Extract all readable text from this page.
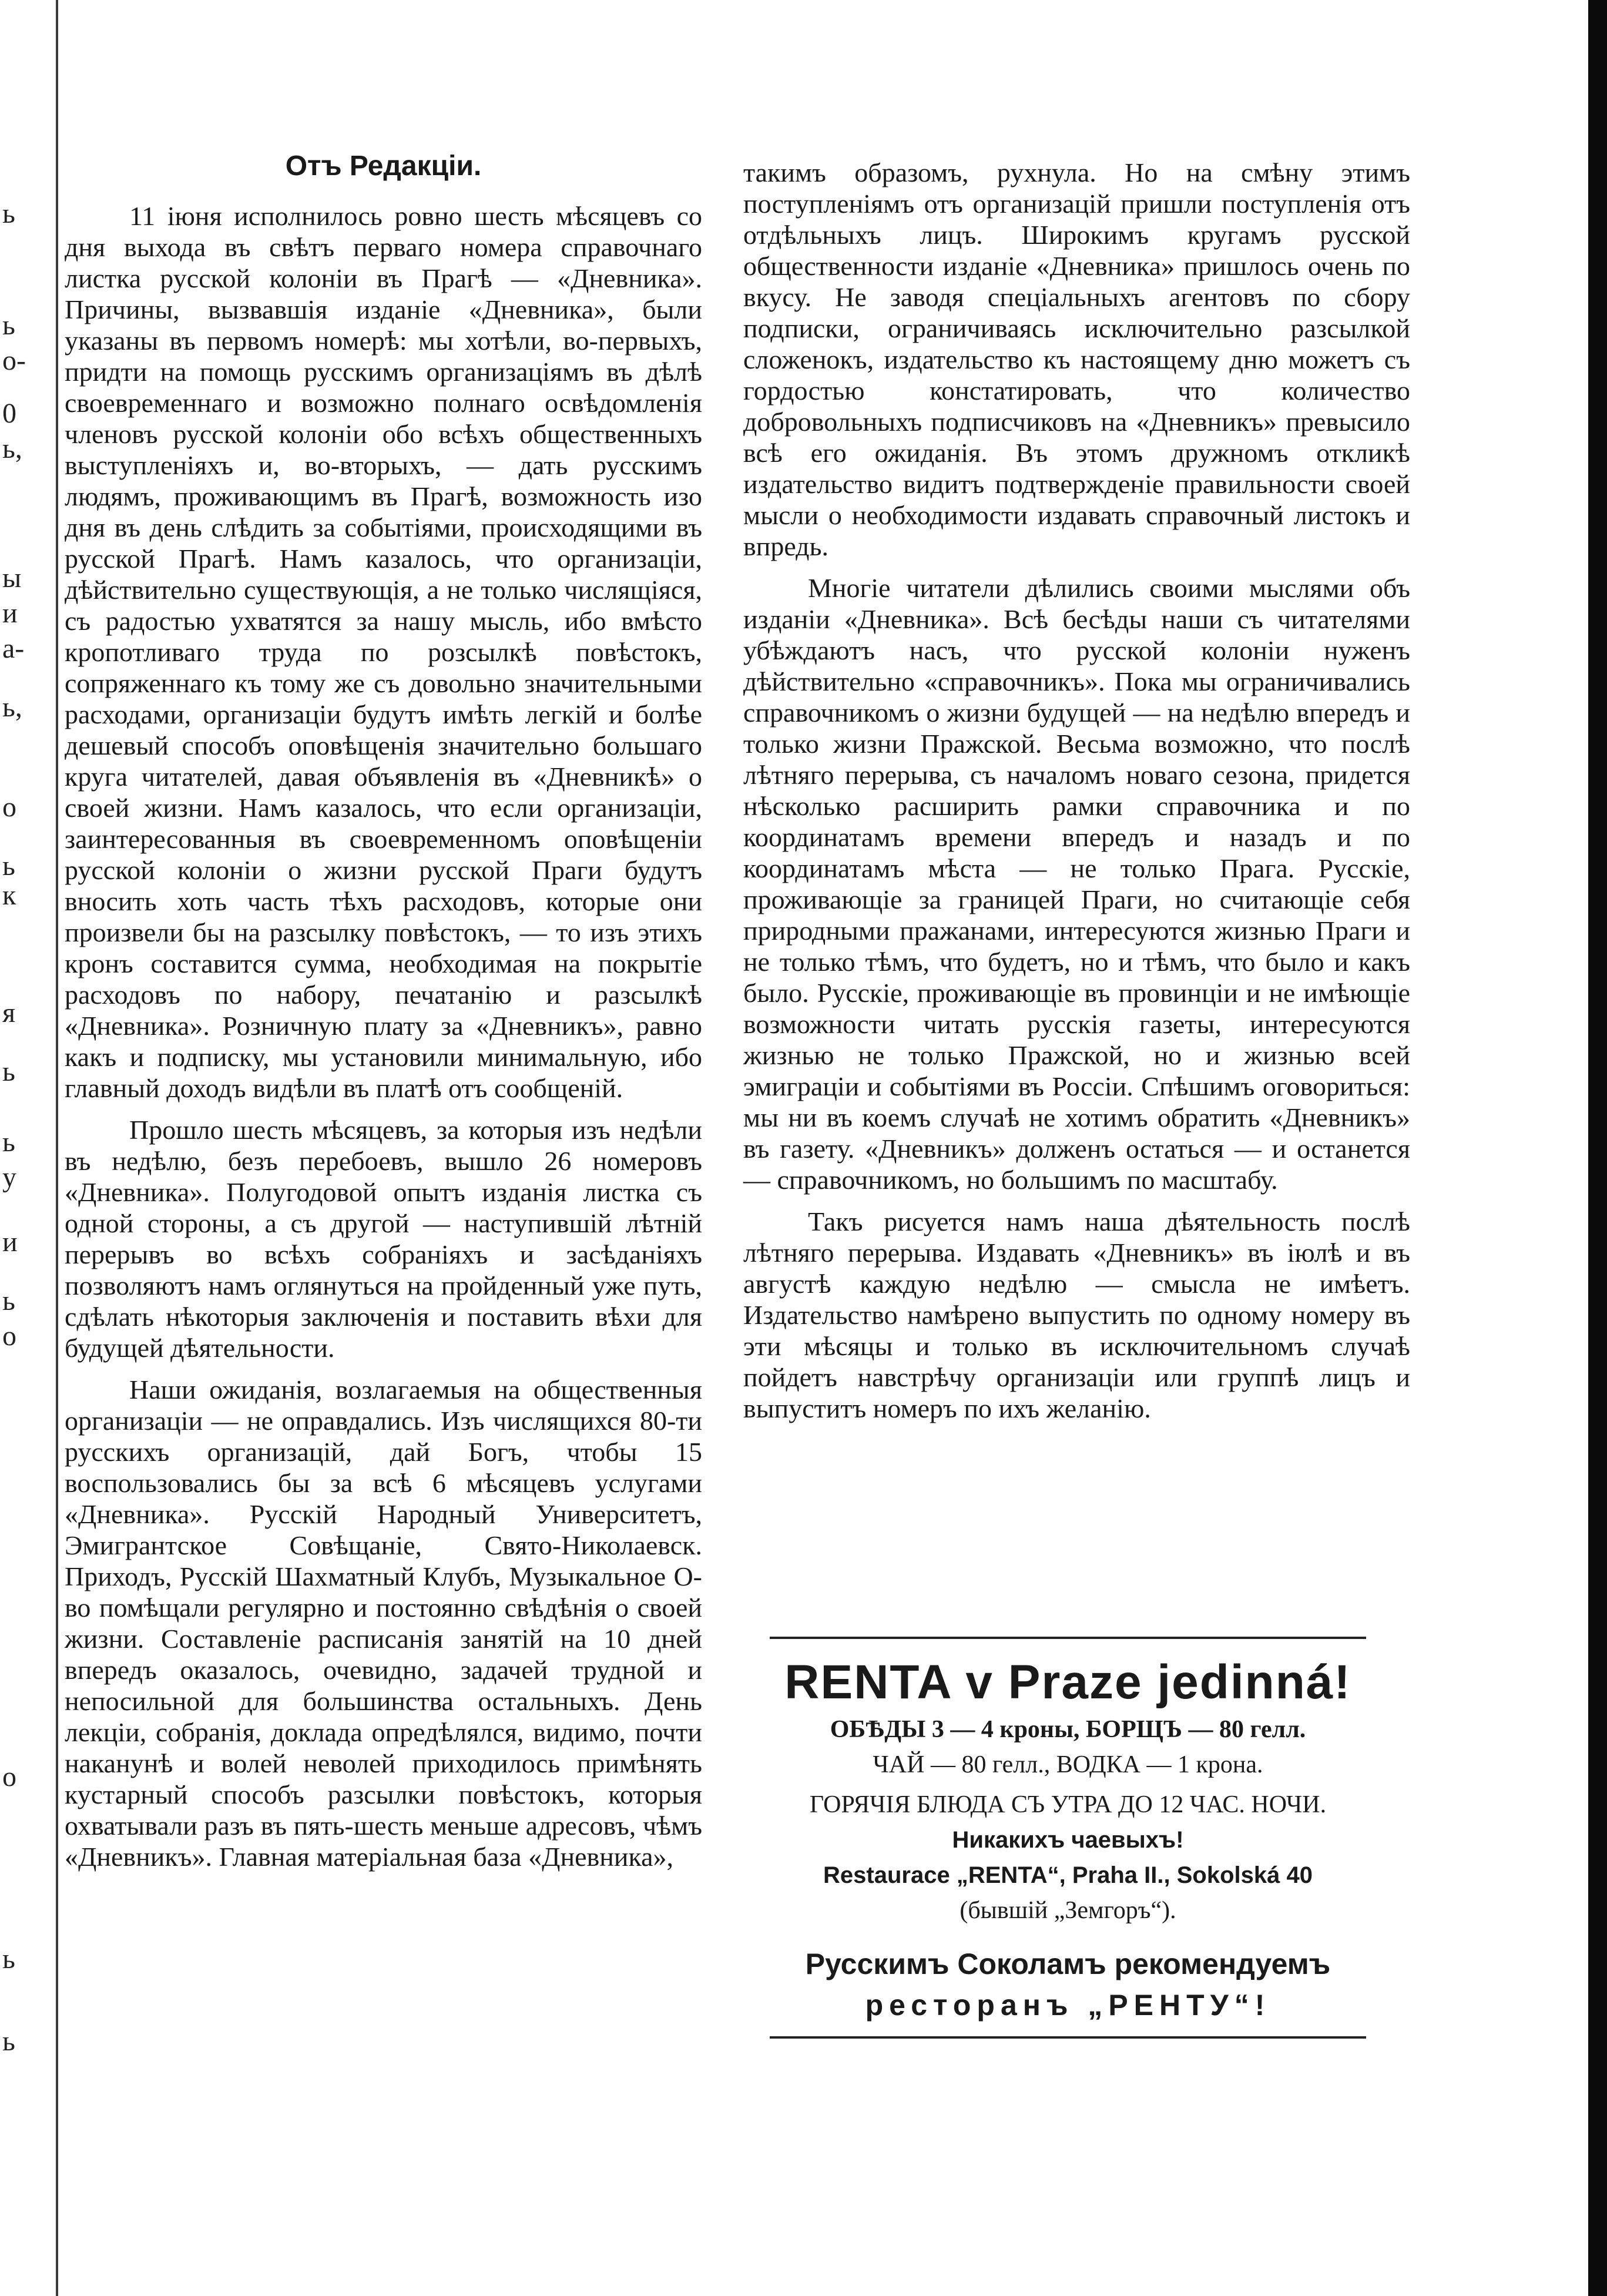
ь
ь
о-
0
ь,
ы
и
а-
ь,
о
ь
к
я
ь
ь
у
и
ь
о
о
ь
ь
Отъ Редакціи.

11 іюня исполнилось ровно шесть мѣсяцевъ со дня выхода въ свѣтъ перваго номера справочнаго листка русской колоніи въ Прагѣ — «Дневника». Причины, вызвавшія изданіе «Дневника», были указаны въ первомъ номерѣ: мы хотѣли, во-первыхъ, придти на помощь русскимъ организаціямъ въ дѣлѣ своевременнаго и возможно полнаго освѣдомленія членовъ русской колоніи обо всѣхъ общественныхъ выступленіяхъ и, во-вторыхъ, — дать русскимъ людямъ, проживающимъ въ Прагѣ, возможность изо дня въ день слѣдить за событіями, происходящими въ русской Прагѣ. Намъ казалось, что организаціи, дѣйствительно существующія, а не только числящіяся, съ радостью ухватятся за нашу мысль, ибо вмѣсто кропотливаго труда по розсылкѣ повѣстокъ, сопряженнаго къ тому же съ довольно значительными расходами, организаціи будутъ имѣть легкій и болѣе дешевый способъ оповѣщенія значительно большаго круга читателей, давая объявленія въ «Дневникѣ» о своей жизни. Намъ казалось, что если организаціи, заинтересованныя въ своевременномъ оповѣщеніи русской колоніи о жизни русской Праги будутъ вносить хоть часть тѣхъ расходовъ, которые они произвели бы на разсылку повѣстокъ, — то изъ этихъ кронъ составится сумма, необходимая на покрытіе расходовъ по набору, печатанію и разсылкѣ «Дневника». Розничную плату за «Дневникъ», равно какъ и подписку, мы установили минимальную, ибо главный доходъ видѣли въ платѣ отъ сообщеній.

Прошло шесть мѣсяцевъ, за которыя изъ недѣли въ недѣлю, безъ перебоевъ, вышло 26 номеровъ «Дневника». Полугодовой опытъ изданія листка съ одной стороны, а съ другой — наступившій лѣтній перерывъ во всѣхъ собраніяхъ и засѣданіяхъ позволяютъ намъ оглянуться на пройденный уже путь, сдѣлать нѣкоторыя заключенія и поставить вѣхи для будущей дѣятельности.

Наши ожиданія, возлагаемыя на общественныя организаціи — не оправдались. Изъ числящихся 80-ти русскихъ организацій, дай Богъ, чтобы 15 воспользовались бы за всѣ 6 мѣсяцевъ услугами «Дневника». Русскій Народный Университетъ, Эмигрантское Совѣщаніе, Свято-Николаевск. Приходъ, Русскій Шахматный Клубъ, Музыкальное О-во помѣщали регулярно и постоянно свѣдѣнія о своей жизни. Составленіе расписанія занятій на 10 дней впередъ оказалось, очевидно, задачей трудной и непосильной для большинства остальныхъ. День лекціи, собранія, доклада опредѣлялся, видимо, почти наканунѣ и волей неволей приходилось примѣнять кустарный способъ разсылки повѣстокъ, которыя охватывали разъ въ пять-шесть меньше адресовъ, чѣмъ «Дневникъ». Главная матеріальная база «Дневника»,

такимъ образомъ, рухнула. Но на смѣну этимъ поступленіямъ отъ организацій пришли поступленія отъ отдѣльныхъ лицъ. Широкимъ кругамъ русской общественности изданіе «Дневника» пришлось очень по вкусу. Не заводя спеціальныхъ агентовъ по сбору подписки, ограничиваясь исключительно разсылкой сложенокъ, издательство къ настоящему дню можетъ съ гордостью констатировать, что количество добровольныхъ подписчиковъ на «Дневникъ» превысило всѣ его ожиданія. Въ этомъ дружномъ откликѣ издательство видитъ подтвержденіе правильности своей мысли о необходимости издавать справочный листокъ и впредь.

Многіе читатели дѣлились своими мыслями объ изданіи «Дневника». Всѣ бесѣды наши съ читателями убѣждаютъ насъ, что русской колоніи нуженъ дѣйствительно «справочникъ». Пока мы ограничивались справочникомъ о жизни будущей — на недѣлю впередъ и только жизни Пражской. Весьма возможно, что послѣ лѣтняго перерыва, съ началомъ новаго сезона, придется нѣсколько расширить рамки справочника и по координатамъ времени впередъ и назадъ и по координатамъ мѣста — не только Прага. Русскіе, проживающіе за границей Праги, но считающіе себя природными пражанами, интересуются жизнью Праги и не только тѣмъ, что будетъ, но и тѣмъ, что было и какъ было. Русскіе, проживающіе въ провинціи и не имѣющіе возможности читать русскія газеты, интересуются жизнью не только Пражской, но и жизнью всей эмиграціи и событіями въ Россіи. Спѣшимъ оговориться: мы ни въ коемъ случаѣ не хотимъ обратить «Дневникъ» въ газету. «Дневникъ» долженъ остаться — и останется — справочникомъ, но большимъ по масштабу.

Такъ рисуется намъ наша дѣятельность послѣ лѣтняго перерыва. Издавать «Дневникъ» въ іюлѣ и въ августѣ каждую недѣлю — смысла не имѣетъ. Издательство намѣрено выпустить по одному номеру въ эти мѣсяцы и только въ исключительномъ случаѣ пойдетъ навстрѣчу организаціи или группѣ лицъ и выпуститъ номеръ по ихъ желанію.

RENTA v Praze jedinná!
ОБѢДЫ 3 — 4 кроны, БОРЩЪ — 80 гелл.
ЧАЙ — 80 гелл., ВОДКА — 1 крона.
ГОРЯЧІЯ БЛЮДА СЪ УТРА ДО 12 ЧАС. НОЧИ.
Никакихъ чаевыхъ!
Restaurace „RENTA“, Praha II., Sokolská 40
(бывшій „Земгоръ“).
Русскимъ Соколамъ рекомендуемъ
ресторанъ „РЕНТУ“!
